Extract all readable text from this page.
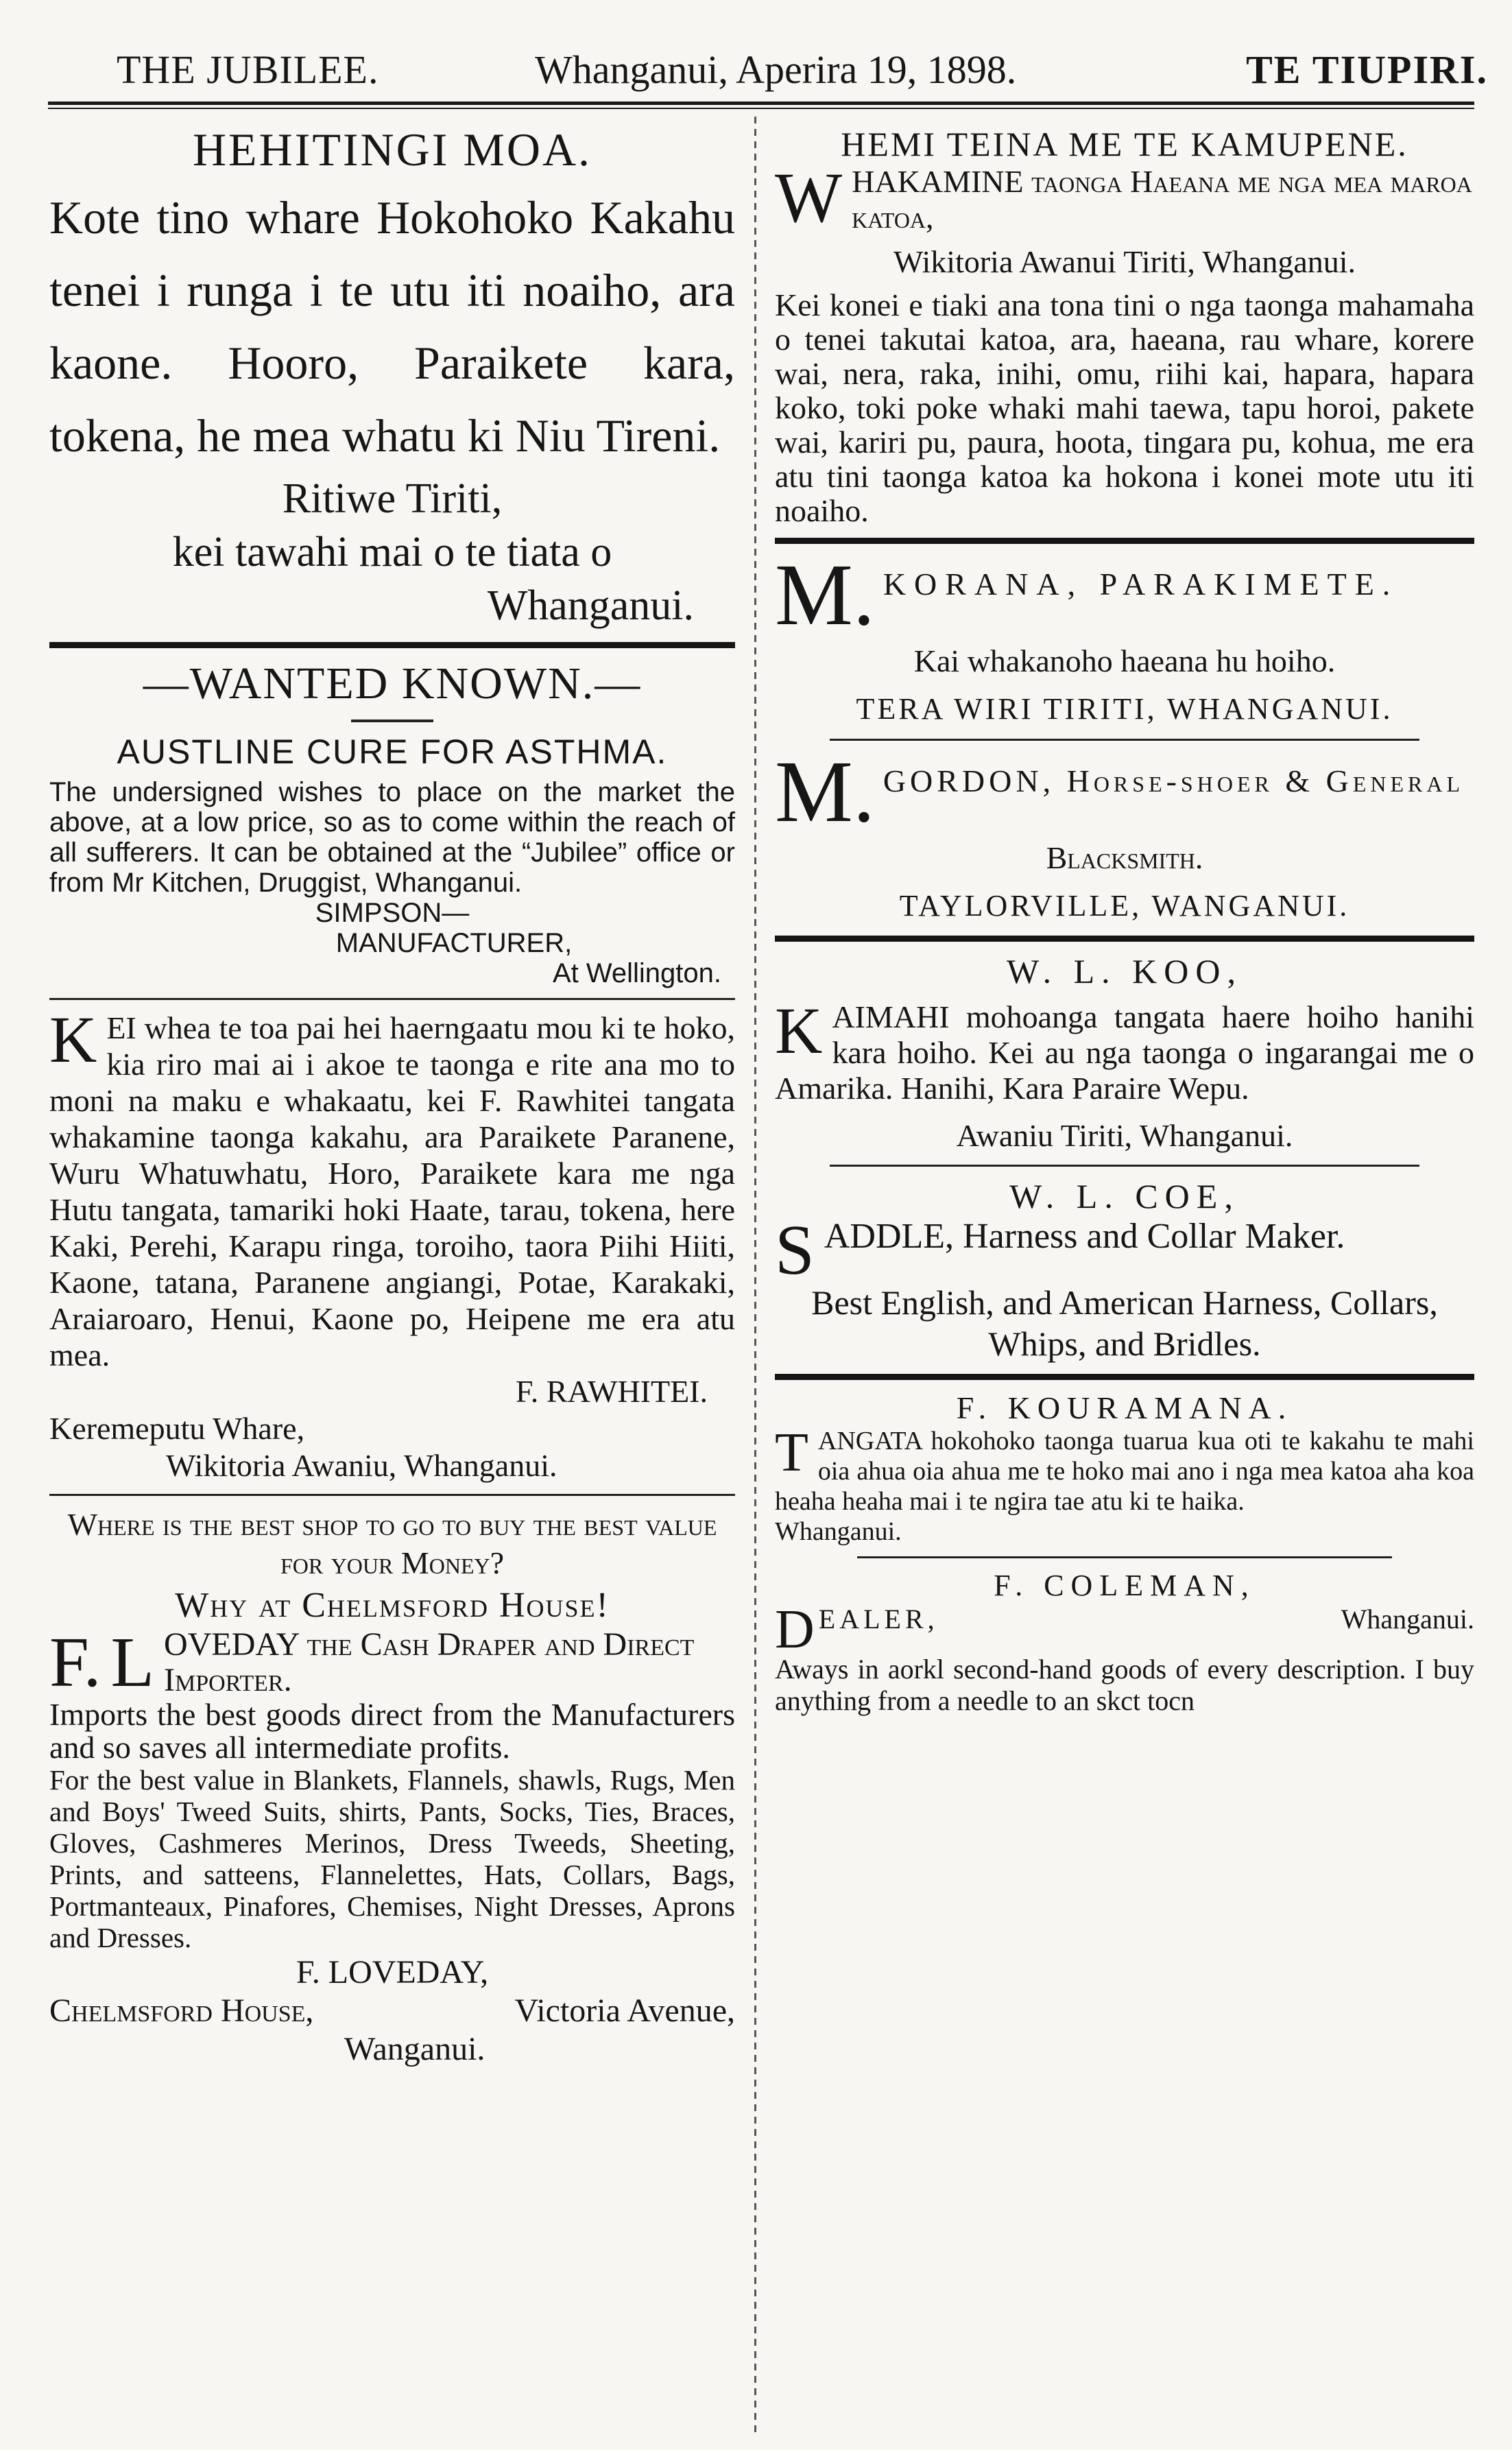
THE JUBILEE.	Whanganui, Aperira 19, 1898.	TE TIUPIRI.
HEHITINGI MOA.

Kote tino whare Hokohoko Kakahu tenei i runga i te utu iti noaiho, ara kaone. Hooro, Paraikete kara, tokena, he mea whatu ki Niu Tireni.

Ritiwe Tiriti,
kei tawahi mai o te tiata o
Whanganui.
—WANTED KNOWN.—
AUSTLINE CURE FOR ASTHMA.

The undersigned wishes to place on the market the above, at a low price, so as to come within the reach of all sufferers. It can be obtained at the “Jubilee” office or from Mr Kitchen, Druggist, Whanganui.

SIMPSON—
MANUFACTURER,
At Wellington.

KEI whea te toa pai hei haerngaatu mou ki te hoko, kia riro mai ai i akoe te taonga e rite ana mo to moni na maku e whakaatu, kei F. Rawhitei tangata whakamine taonga kakahu, ara Paraikete Paranene, Wuru Whatuwhatu, Horo, Paraikete kara me nga Hutu tangata, tamariki hoki Haate, tarau, tokena, here Kaki, Perehi, Karapu ringa, toroiho, taora Piihi Hiiti, Kaone, tatana, Paranene angiangi, Potae, Karakaki, Araiaroaro, Henui, Kaone po, Heipene me era atu mea.

F. RAWHITEI.
Keremeputu Whare,
Wikitoria Awaniu, Whanganui.

Where is the best shop to go to buy the best value for your Money?

Why at Chelmsford House!

F. L OVEDAY the Cash Draper and Direct Importer.

Imports the best goods direct from the Manufacturers and so saves all intermediate profits.

For the best value in Blankets, Flannels, shawls, Rugs, Men and Boys' Tweed Suits, shirts, Pants, Socks, Ties, Braces, Gloves, Cashmeres Merinos, Dress Tweeds, Sheeting, Prints, and satteens, Flannelettes, Hats, Collars, Bags, Portmanteaux, Pinafores, Chemises, Night Dresses, Aprons and Dresses.

F. LOVEDAY,
Chelmsford House,	Victoria Avenue,
Wanganui.
HEMI TEINA ME TE KAMUPENE.

WHAKAMINE taonga Haeana me nga mea maroa katoa,

Wikitoria Awanui Tiriti, Whanganui.

Kei konei e tiaki ana tona tini o nga taonga mahamaha o tenei takutai katoa, ara, haeana, rau whare, korere wai, nera, raka, inihi, omu, riihi kai, hapara, hapara koko, toki poke whaki mahi taewa, tapu horoi, pakete wai, kariri pu, paura, hoota, tingara pu, kohua, me era atu tini taonga katoa ka hokona i konei mote utu iti noaiho.

M. KORANA, PARAKIMETE.
Kai whakanoho haeana hu hoiho.
TERA WIRI TIRITI, WHANGANUI.
M. GORDON, Horse-shoer & General
Blacksmith.
TAYLORVILLE, WANGANUI.
W. L. KOO,

KAIMAHI mohoanga tangata haere hoiho hanihi kara hoiho. Kei au nga taonga o ingarangai me o Amarika. Hanihi, Kara Paraire Wepu.

Awaniu Tiriti, Whanganui.
W. L. COE,

SADDLE, Harness and Collar Maker.

Best English, and American Harness, Collars, Whips, and Bridles.

F. KOURAMANA.

TANGATA hokohoko taonga tuarua kua oti te kakahu te mahi oia ahua oia ahua me te hoko mai ano i nga mea katoa aha koa heaha heaha mai i te ngira tae atu ki te haika.

Whanganui.
F. COLEMAN,
D EALER,	Whanganui.

Aways in aorkl second-hand goods of every description. I buy anything from a needle to an skct tocn
